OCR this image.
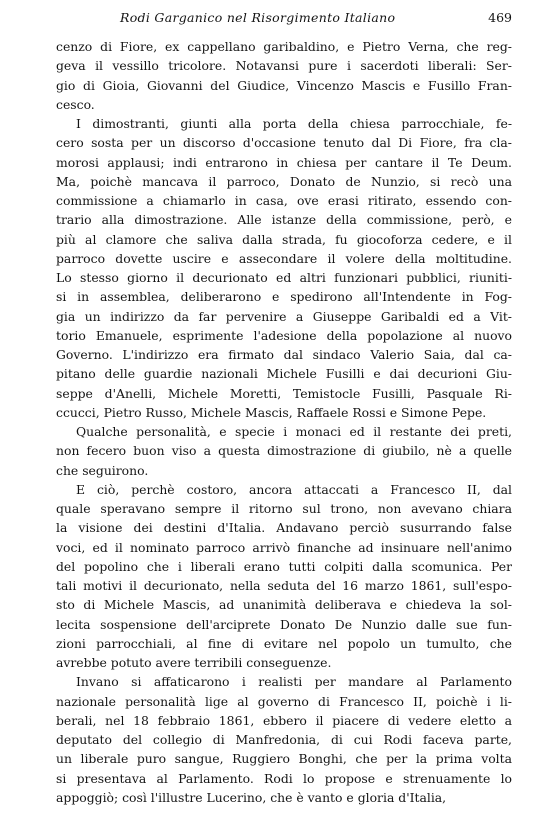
Rodi Garganico nel Risorgimento Italiano	469
cenzo di Fiore, ex cappellano garibaldino, e Pietro Verna, che reg-
geva il vessillo tricolore. Notavansi pure i sacerdoti liberali: Ser-
gio di Gioia, Giovanni del Giudice, Vincenzo Mascis e Fusillo Fran-
cesco.
I dimostranti, giunti alla porta della chiesa parrocchiale, fe-
cero sosta per un discorso d'occasione tenuto dal Di Fiore, fra cla-
morosi applausi; indi entrarono in chiesa per cantare il Te Deum.
Ma, poichè mancava il parroco, Donato de Nunzio, si recò una
commissione a chiamarlo in casa, ove erasi ritirato, essendo con-
trario alla dimostrazione. Alle istanze della commissione, però, e
più al clamore che saliva dalla strada, fu giocoforza cedere, e il
parroco dovette uscire e assecondare il volere della moltitudine.
Lo stesso giorno il decurionato ed altri funzionari pubblici, riuniti-
si in assemblea, deliberarono e spedirono all'Intendente in Fog-
gia un indirizzo da far pervenire a Giuseppe Garibaldi ed a Vit-
torio Emanuele, esprimente l'adesione della popolazione al nuovo
Governo. L'indirizzo era firmato dal sindaco Valerio Saia, dal ca-
pitano delle guardie nazionali Michele Fusilli e dai decurioni Giu-
seppe d'Anelli, Michele Moretti, Temistocle Fusilli, Pasquale Ri-
ccucci, Pietro Russo, Michele Mascis, Raffaele Rossi e Simone Pepe.
Qualche personalità, e specie i monaci ed il restante dei preti,
non fecero buon viso a questa dimostrazione di giubilo, nè a quelle
che seguirono.
E ciò, perchè costoro, ancora attaccati a Francesco II, dal
quale speravano sempre il ritorno sul trono, non avevano chiara
la visione dei destini d'Italia. Andavano perciò susurrando false
voci, ed il nominato parroco arrivò finanche ad insinuare nell'animo
del popolino che i liberali erano tutti colpiti dalla scomunica. Per
tali motivi il decurionato, nella seduta del 16 marzo 1861, sull'espo-
sto di Michele Mascis, ad unanimità deliberava e chiedeva la sol-
lecita sospensione dell'arciprete Donato De Nunzio dalle sue fun-
zioni parrocchiali, al fine di evitare nel popolo un tumulto, che
avrebbe potuto avere terribili conseguenze.
Invano si affaticarono i realisti per mandare al Parlamento
nazionale personalità lige al governo di Francesco II, poichè i li-
berali, nel 18 febbraio 1861, ebbero il piacere di vedere eletto a
deputato del collegio di Manfredonia, di cui Rodi faceva parte,
un liberale puro sangue, Ruggiero Bonghi, che per la prima volta
si presentava al Parlamento. Rodi lo propose e strenuamente lo
appoggiò; così l'illustre Lucerino, che è vanto e gloria d'Italia,
